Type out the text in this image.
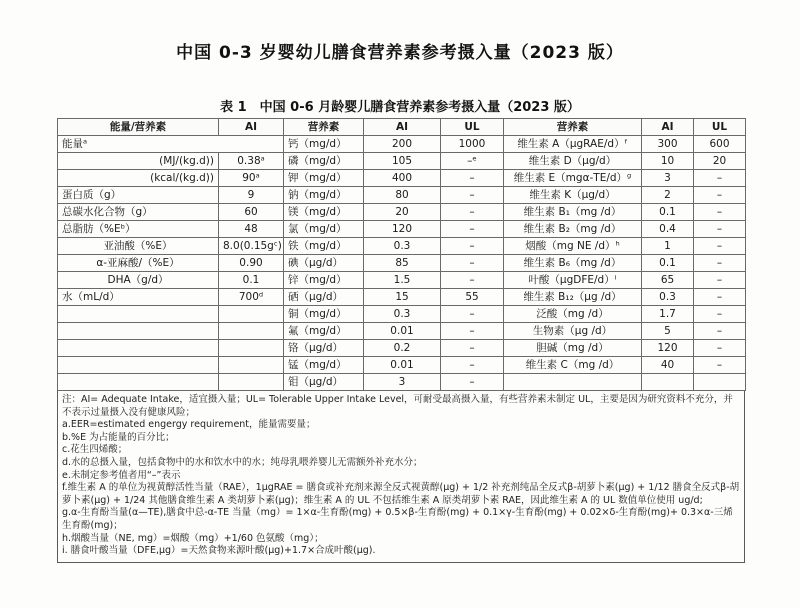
中国 0-3 岁婴幼儿膳食营养素参考摄入量（2023 版）
表 1　中国 0-6 月龄婴儿膳食营养素参考摄入量（2023 版）
能量/营养素	AI	营养素	AI	UL	营养素	AI	UL
能量ᵃ		钙（mg/d）	200	1000	维生素 A（μgRAE/d）ᶠ	300	600
(MJ/(kg.d))	0.38ᵃ	磷（mg/d）	105	–ᵉ	维生素 D（μg/d）	10	20
(kcal/(kg.d))	90ᵃ	钾（mg/d）	400	–	维生素 E（mgα-TE/d）ᵍ	3	–
蛋白质（g）	9	钠（mg/d）	80	–	维生素 K（μg/d）	2	–
总碳水化合物（g）	60	镁（mg/d）	20	–	维生素 B₁（mg /d）	0.1	–
总脂肪（%Eᵇ）	48	氯（mg/d）	120	–	维生素 B₂（mg /d）	0.4	–
亚油酸（%E）	8.0(0.15gᶜ)	铁（mg/d）	0.3	–	烟酸（mg NE /d）ʰ	1	–
α-亚麻酸/（%E）	0.90	碘（μg/d）	85	–	维生素 B₆（mg /d）	0.1	–
DHA（g/d）	0.1	锌（mg/d）	1.5	–	叶酸（μgDFE/d）ⁱ	65	–
水（mL/d）	700ᵈ	硒（μg/d）	15	55	维生素 B₁₂（μg /d）	0.3	–
		铜（mg/d）	0.3	–	泛酸（mg /d）	1.7	–
		氟（mg/d）	0.01	–	生物素（μg /d）	5	–
		铬（μg/d）	0.2	–	胆碱（mg /d）	120	–
		锰（mg/d）	0.01	–	维生素 C（mg /d）	40	–
		钼（μg/d）	3	–			
注：AI= Adequate Intake，适宜摄入量；UL= Tolerable Upper Intake Level，可耐受最高摄入量，有些营养素未制定 UL，主要是因为研究资料不充分，并不表示过量摄入没有健康风险；
a.EER=estimated engergy requirement，能量需要量；
b.%E 为占能量的百分比；
c.花生四烯酸；
d.水的总摄入量，包括食物中的水和饮水中的水；纯母乳喂养婴儿无需额外补充水分；
e.未制定参考值者用“–”表示
f.维生素 A 的单位为视黄醇活性当量（RAE），1μgRAE = 膳食或补充剂来源全反式视黄醇(μg) + 1/2 补充剂纯品全反式β-胡萝卜素(μg) + 1/12 膳食全反式β-胡萝卜素(μg) + 1/24 其他膳食维生素 A 类胡萝卜素(μg)；维生素 A 的 UL 不包括维生素 A 原类胡萝卜素 RAE，因此维生素 A 的 UL 数值单位使用 ug/d;
g.α-生育酚当量(α—TE),膳食中总-α-TE 当量（mg）= 1×α-生育酚(mg) + 0.5×β-生育酚(mg) + 0.1×γ-生育酚(mg) + 0.02×δ-生育酚(mg)+ 0.3×α-三烯生育酚(mg)；
h.烟酸当量（NE, mg）=烟酸（mg）+1/60 色氨酸（mg）；
i. 膳食叶酸当量（DFE,μg）=天然食物来源叶酸(μg)+1.7×合成叶酸(μg).
